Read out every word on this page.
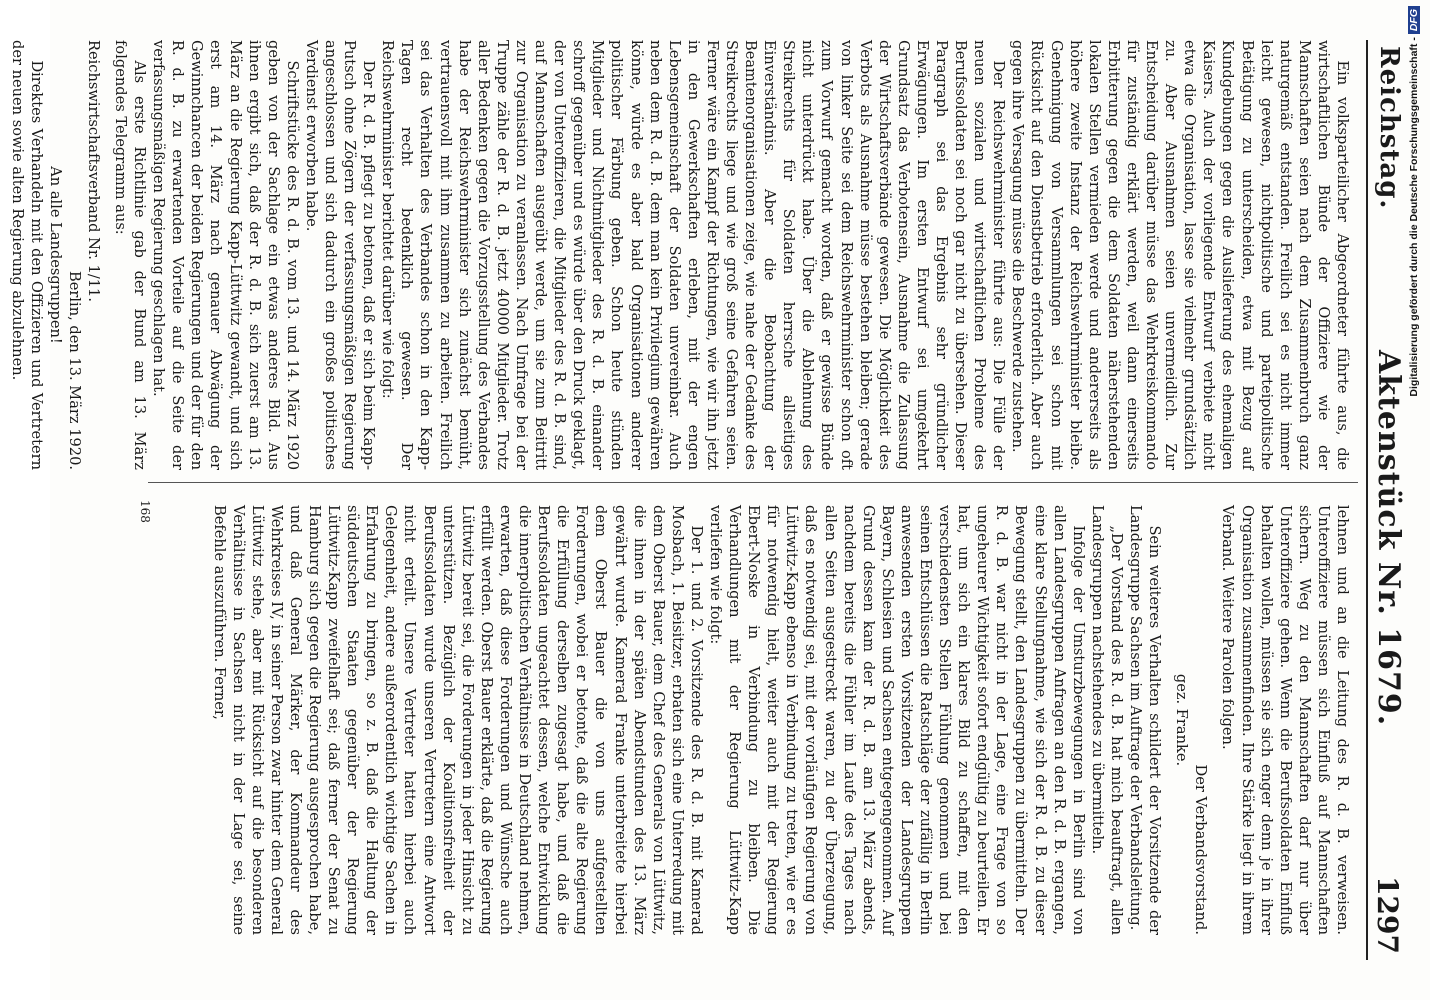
Reichstag.
Aktenstück Nr. 1679.
1297

Ein volksparteilicher Abgeordneter führte aus, die wirtschaftlichen Bünde der Offiziere wie der Mannschaften seien nach dem Zusammenbruch ganz naturgemäß entstanden. Freilich sei es nicht immer leicht gewesen, nichtpolitische und parteipolitische Betätigung zu unterscheiden, etwa mit Bezug auf Kundgebungen gegen die Auslieferung des ehemaligen Kaisers. Auch der vorliegende Entwurf verbiete nicht etwa die Organisation, lasse sie vielmehr grundsätzlich zu. Aber Ausnahmen seien unvermeidlich. Zur Entscheidung darüber müsse das Wehrkreiskommando für zuständig erklärt werden, weil dann einerseits Erbitterung gegen die dem Soldaten näherstehenden lokalen Stellen vermieden werde und andererseits als höhere zweite Instanz der Reichswehrminister bleibe. Genehmigung von Versammlungen sei schon mit Rücksicht auf den Dienstbetrieb erforderlich. Aber auch gegen ihre Versagung müsse die Beschwerde zustehen.

Der Reichswehrminister führte aus: Die Fülle der neuen sozialen und wirtschaftlichen Probleme des Berufssoldaten sei noch gar nicht zu übersehen. Dieser Paragraph sei das Ergebnis sehr gründlicher Erwägungen. Im ersten Entwurf sei umgekehrt Grundsatz das Verbotensein, Ausnahme die Zulassung der Wirtschaftsverbände gewesen. Die Möglichkeit des Verbots als Ausnahme müsse bestehen bleiben; gerade von linker Seite sei dem Reichswehrminister schon oft zum Vorwurf gemacht worden, daß er gewisse Bünde nicht unterdrückt habe. Über die Ablehnung des Streikrechts für Soldaten herrsche allseitiges Einverständnis. Aber die Beobachtung der Beamtenorganisationen zeige, wie nahe der Gedanke des Streikrechts liege und wie groß seine Gefahren seien. Ferner wäre ein Kampf der Richtungen, wie wir ihn jetzt in den Gewerkschaften erleben, mit der engen Lebensgemeinschaft der Soldaten unvereinbar. Auch neben dem R. d. B. dem man kein Privilegium gewähren könne, würde es aber bald Organisationen anderer politischer Färbung geben. Schon heute stünden Mitglieder und Nichtmitglieder des R. d. B. einander schroff gegenüber und es würde über den Druck geklagt, der von Unteroffizieren, die Mitglieder des R. d. B. sind, auf Mannschaften ausgeübt werde, um sie zum Beitritt zur Organisation zu veranlassen. Nach Umfrage bei der Truppe zähle der R. d. B. jetzt 40000 Mitglieder. Trotz aller Bedenken gegen die Vorzugsstellung des Verbandes habe der Reichswehrminister sich zunächst bemüht, vertrauensvoll mit ihm zusammen zu arbeiten. Freilich sei das Verhalten des Verbandes schon in den Kapp-Tagen recht bedenklich gewesen. Der Reichswehrminister berichtet darüber wie folgt:

Der R. d. B. pflegt zu betonen, daß er sich beim Kapp-Putsch ohne Zögern der verfassungsmäßigen Regierung angeschlossen und sich dadurch ein großes politisches Verdienst erworben habe.

Schriftstücke des R. d. B. vom 13. und 14. März 1920 geben von der Sachlage ein etwas anderes Bild. Aus ihnen ergibt sich, daß der R. d. B. sich zuerst am 13. März an die Regierung Kapp-Lüttwitz gewandt, und sich erst am 14. März nach genauer Abwägung der Gewinnchancen der beiden Regierungen und der für den R. d. B. zu erwartenden Vorteile auf die Seite der verfassungsmäßigen Regierung geschlagen hat.

Als erste Richtlinie gab der Bund am 13. März folgendes Telegramm aus:

Reichswirtschaftsverband Nr. 1/11.

Berlin, den 13. März 1920.

An alle Landesgruppen!

Direktes Verhandeln mit den Offizieren und Vertretern der neuen sowie alten Regierung abzulehnen.

lehnen und an die Leitung des R. d. B. verweisen. Unteroffiziere müssen sich Einfluß auf Mannschaften sichern. Weg zu den Mannschaften darf nur über Unteroffiziere gehen. Wenn die Berufssoldaten Einfluß behalten wollen, müssen sie sich enger denn je in ihrer Organisation zusammenfinden. Ihre Stärke liegt in ihrem Verband. Weitere Parolen folgen.

Der Verbandsvorstand.

gez. Franke.

Sein weiteres Verhalten schildert der Vorsitzende der Landesgruppe Sachsen im Auftrage der Verbandsleitung.

„Der Vorstand des R. d. B. hat mich beauftragt, allen Landesgruppen nachstehendes zu übermitteln.

Infolge der Umsturzbewegungen in Berlin sind von allen Landesgruppen Anfragen an den R. d. B. ergangen, eine klare Stellungnahme, wie sich der R. d. B. zu dieser Bewegung stellt, den Landesgruppen zu übermitteln. Der R. d. B. war nicht in der Lage, eine Frage von so ungeheurer Wichtigkeit sofort endgültig zu beurteilen. Er hat, um sich ein klares Bild zu schaffen, mit den verschiedensten Stellen Fühlung genommen und bei seinen Entschlüssen die Ratschläge der zufällig in Berlin anwesenden ersten Vorsitzenden der Landesgruppen Bayern, Schlesien und Sachsen entgegengenommen. Auf Grund dessen kam der R. d. B. am 13. März abends, nachdem bereits die Fühler im Laufe des Tages nach allen Seiten ausgestreckt waren, zu der Überzeugung, daß es notwendig sei, mit der vorläufigen Regierung von Lüttwitz-Kapp ebenso in Verbindung zu treten, wie er es für notwendig hielt, weiter auch mit der Regierung Ebert-Noske in Verbindung zu bleiben. Die Verhandlungen mit der Regierung Lüttwitz-Kapp verliefen wie folgt:

Der 1. und 2. Vorsitzende des R. d. B. mit Kamerad Mosbach, 1. Beisitzer, erbaten sich eine Unterredung mit dem Oberst Bauer, dem Chef des Generals von Lüttwitz, die ihnen in der späten Abendstunden des 13. März gewährt wurde. Kamerad Franke unterbreitete hierbei dem Oberst Bauer die von uns aufgestellten Forderungen, wobei er betonte, daß die alte Regierung die Erfüllung derselben zugesagt habe, und daß die Berufssoldaten ungeachtet dessen, welche Entwicklung die innerpolitischen Verhältnisse in Deutschland nehmen, erwarten, daß diese Forderungen und Wünsche auch erfüllt werden. Oberst Bauer erklärte, daß die Regierung Lüttwitz bereit sei, die Forderungen in jeder Hinsicht zu unterstützen. Bezüglich der Koalitionsfreiheit der Berufssoldaten wurde unseren Vertretern eine Antwort nicht erteilt. Unsere Vertreter hatten hierbei auch Gelegenheit, andere außerordentlich wichtige Sachen in Erfahrung zu bringen, so z. B. daß die Haltung der süddeutschen Staaten gegenüber der Regierung Lüttwitz-Kapp zweifelhaft sei; daß ferner der Senat zu Hamburg sich gegen die Regierung ausgesprochen habe, und daß General Märker, der Kommandeur des Wehrkreises IV, in seiner Person zwar hinter dem General Lüttwitz stehe, aber mit Rücksicht auf die besonderen Verhältnisse in Sachsen nicht in der Lage sei, seine Befehle auszuführen. Ferner,

168
Digitalisierung gefördert durch die Deutsche Forschungsgemeinschaft -DFG
